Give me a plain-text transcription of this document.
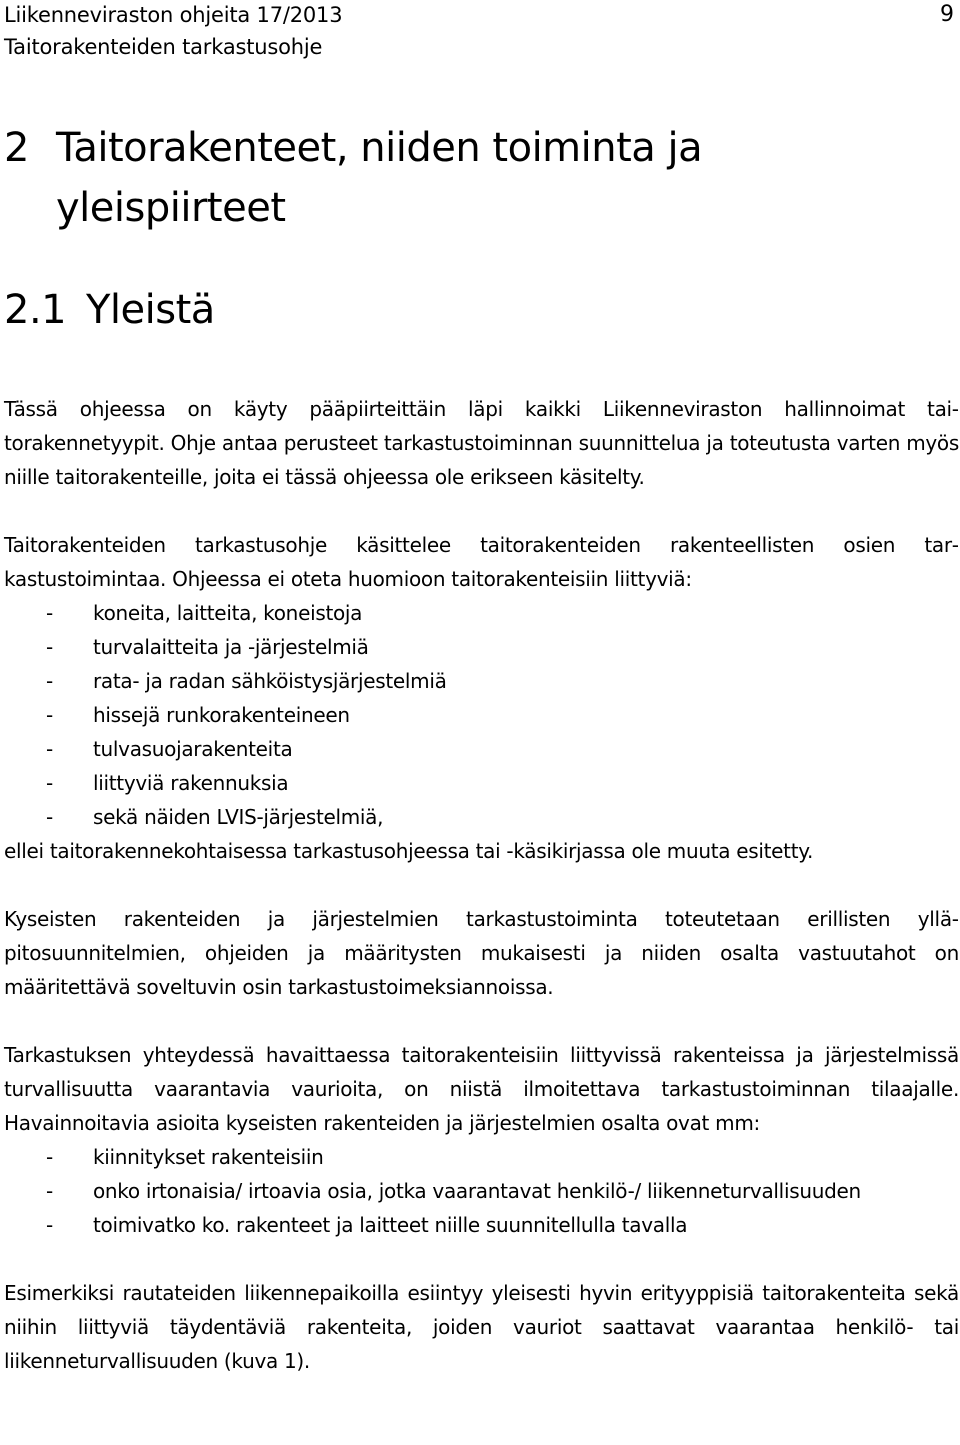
Liikenneviraston ohjeita 17/2013
Taitorakenteiden tarkastusohje
9
2 Taitorakenteet, niiden toiminta ja
yleispiirteet
2.1 Yleistä

Tässä ohjeessa on käyty pääpiirteittäin läpi kaikki Liikenneviraston hallinnoimat taitorakennetyypit. Ohje antaa perusteet tarkastustoiminnan suunnittelua ja toteutusta varten myös niille taitorakenteille, joita ei tässä ohjeessa ole erikseen käsitelty.

Taitorakenteiden tarkastusohje käsittelee taitorakenteiden rakenteellisten osien tarkastustoimintaa. Ohjeessa ei oteta huomioon taitorakenteisiin liittyviä:

- koneita, laitteita, koneistoja
- turvalaitteita ja -järjestelmiä
- rata- ja radan sähköistysjärjestelmiä
- hissejä runkorakenteineen
- tulvasuojarakenteita
- liittyviä rakennuksia
- sekä näiden LVIS-järjestelmiä,

ellei taitorakennekohtaisessa tarkastusohjeessa tai -käsikirjassa ole muuta esitetty.

Kyseisten rakenteiden ja järjestelmien tarkastustoiminta toteutetaan erillisten ylläpitosuunnitelmien, ohjeiden ja määritysten mukaisesti ja niiden osalta vastuutahot on määritettävä soveltuvin osin tarkastustoimeksiannoissa.

Tarkastuksen yhteydessä havaittaessa taitorakenteisiin liittyvissä rakenteissa ja järjestelmissä turvallisuutta vaarantavia vaurioita, on niistä ilmoitettava tarkastustoiminnan tilaajalle. Havainnoitavia asioita kyseisten rakenteiden ja järjestelmien osalta ovat mm:

- kiinnitykset rakenteisiin
- onko irtonaisia/ irtoavia osia, jotka vaarantavat henkilö-/ liikenneturvallisuuden
- toimivatko ko. rakenteet ja laitteet niille suunnitellulla tavalla

Esimerkiksi rautateiden liikennepaikoilla esiintyy yleisesti hyvin erityyppisiä taitorakenteita sekä niihin liittyviä täydentäviä rakenteita, joiden vauriot saattavat vaarantaa henkilö- tai liikenneturvallisuuden (kuva 1).
